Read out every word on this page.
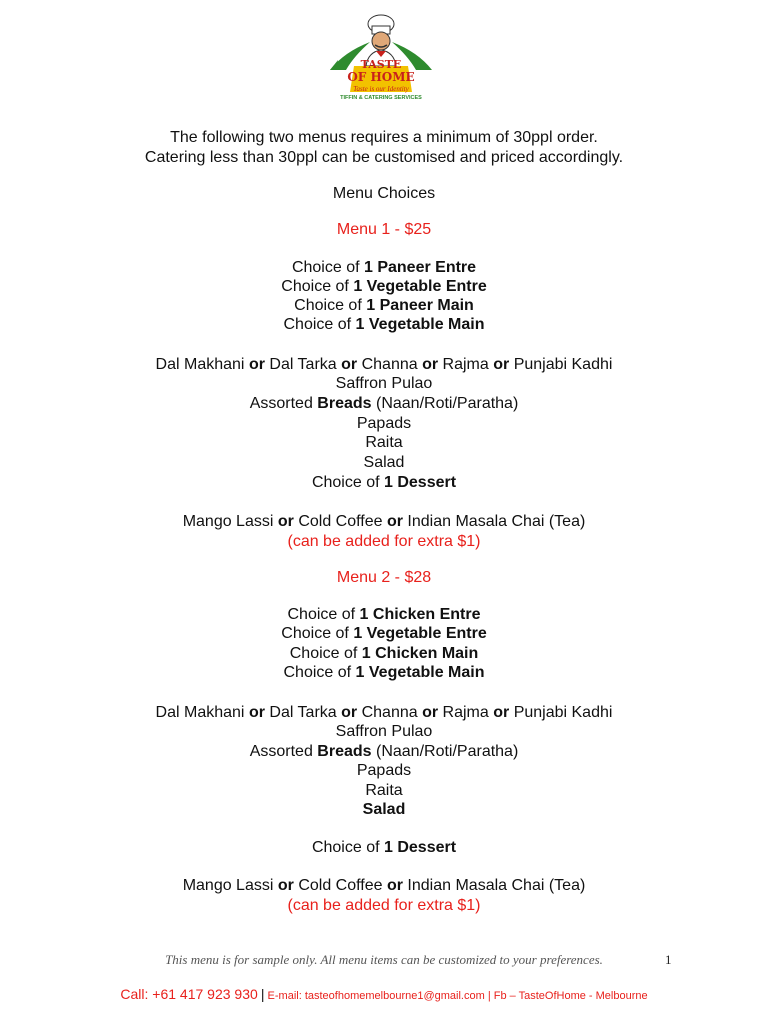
TASTE
OF HOME
Taste is our Identity
TIFFIN & CATERING SERVICES
The following two menus requires a minimum of 30ppl order.
Catering less than 30ppl can be customised and priced accordingly.
Menu Choices
Menu 1 - $25
Choice of 1 Paneer Entre
Choice of 1 Vegetable Entre
Choice of 1 Paneer Main
Choice of 1 Vegetable Main
Dal Makhani or Dal Tarka or Channa or Rajma or Punjabi Kadhi
Saffron Pulao
Assorted Breads (Naan/Roti/Paratha)
Papads
Raita
Salad
Choice of 1 Dessert
Mango Lassi or Cold Coffee or Indian Masala Chai (Tea)
(can be added for extra $1)
Menu 2 - $28
Choice of 1 Chicken Entre
Choice of 1 Vegetable Entre
Choice of 1 Chicken Main
Choice of 1 Vegetable Main
Dal Makhani or Dal Tarka or Channa or Rajma or Punjabi Kadhi
Saffron Pulao
Assorted Breads (Naan/Roti/Paratha)
Papads
Raita
Salad
Choice of 1 Dessert
Mango Lassi or Cold Coffee or Indian Masala Chai (Tea)
(can be added for extra $1)
This menu is for sample only. All menu items can be customized to your preferences.	1
Call: +61 417 923 930 | E-mail: tasteofhomemelbourne1@gmail.com | Fb – TasteOfHome - Melbourne
